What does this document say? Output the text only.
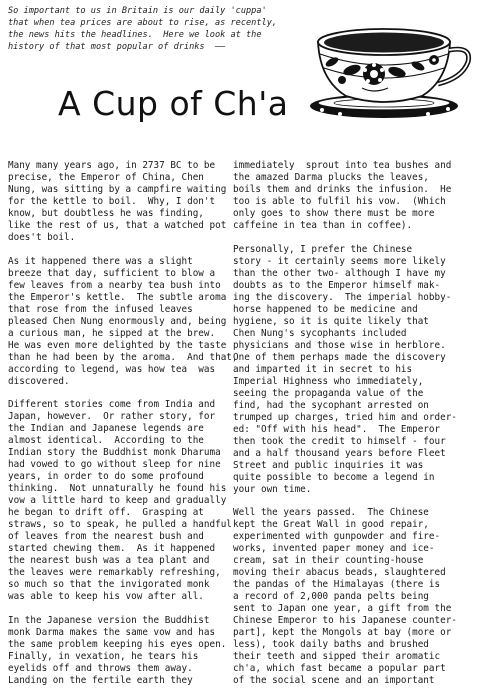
So important to us in Britain is our daily 'cuppa'

that when tea prices are about to rise, as recently,

the news hits the headlines.  Here we look at the

history of that most popular of drinks  ——

A Cup of Ch'a

Many many years ago, in 2737 BC to be
precise, the Emperor of China, Chen
Nung, was sitting by a campfire waiting
for the kettle to boil.  Why, I don't
know, but doubtless he was finding,
like the rest of us, that a watched pot
does't boil.

As it happened there was a slight
breeze that day, sufficient to blow a
few leaves from a nearby tea bush into
the Emperor's kettle.  The subtle aroma
that rose from the infused leaves
pleased Chen Nung enormously and, being
a curious man, he sipped at the brew.
He was even more delighted by the taste
than he had been by the aroma.  And that,
according to legend, was how tea  was
discovered.

Different stories come from India and
Japan, however.  Or rather story, for
the Indian and Japanese legends are
almost identical.  According to the
Indian story the Buddhist monk Dharuma
had vowed to go without sleep for nine
years, in order to do some profound
thinking.  Not unnaturally he found his
vow a little hard to keep and gradually
he began to drift off.  Grasping at
straws, so to speak, he pulled a handful
of leaves from the nearest bush and
started chewing them.  As it happened
the nearest bush was a tea plant and
the leaves were remarkably refreshing,
so much so that the invigorated monk
was able to keep his vow after all.

In the Japanese version the Buddhist
monk Darma makes the same vow and has
the same problem keeping his eyes open.
Finally, in vexation, he tears his
eyelids off and throws them away.
Landing on the fertile earth they

immediately  sprout into tea bushes and
the amazed Darma plucks the leaves,
boils them and drinks the infusion.  He
too is able to fulfil his vow.  (Which
only goes to show there must be more
caffeine in tea than in coffee).

Personally, I prefer the Chinese
story - it certainly seems more likely
than the other two- although I have my
doubts as to the Emperor himself mak-
ing the discovery.  The imperial hobby-
horse happened to be medicine and
hygiene, so it is quite likely that
Chen Nung's sycophants included
physicians and those wise in herblore.
One of them perhaps made the discovery
and imparted it in secret to his
Imperial Highness who immediately,
seeing the propaganda value of the
find, had the sycophant arrested on
trumped up charges, tried him and order-
ed: "Off with his head".  The Emperor
then took the credit to himself - four
and a half thousand years before Fleet
Street and public inquiries it was
quite possible to become a legend in
your own time.

Well the years passed.  The Chinese
kept the Great Wall in good repair,
experimented with gunpowder and fire-
works, invented paper money and ice-
cream, sat in their counting-house
moving their abacus beads, slaughtered
the pandas of the Himalayas (there is
a record of 2,000 panda pelts being
sent to Japan one year, a gift from the
Chinese Emperor to his Japanese counter-
part], kept the Mongols at bay (more or
less), took daily baths and brushed
their teeth and sipped their aromatic
ch'a, which fast became a popular part
of the social scene and an important
